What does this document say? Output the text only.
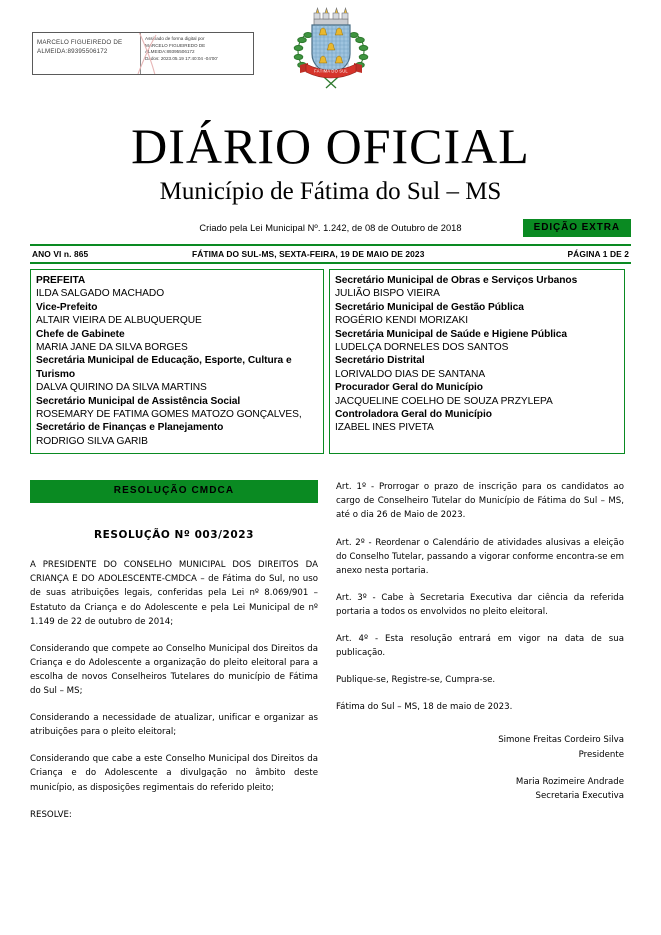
MARCELO FIGUEIREDO DE ALMEIDA:89395506172
Assinado de forma digital por
MARCELO FIGUEIREDO DE
ALMEIDA:89395506172
Dados: 2023.05.19 17:40:04 -04'00'
FÁTIMA DO SUL
DIÁRIO OFICIAL
Município de Fátima do Sul – MS
Criado pela Lei Municipal Nº. 1.242, de 08 de Outubro de 2018	EDIÇÃO EXTRA
ANO VI n. 865	FÁTIMA DO SUL-MS, SEXTA-FEIRA, 19 DE MAIO DE 2023	PÁGINA 1 DE 2
PREFEITA
ILDA SALGADO MACHADO
Vice-Prefeito
ALTAIR VIEIRA DE ALBUQUERQUE
Chefe de Gabinete
MARIA JANE DA SILVA BORGES
Secretária Municipal de Educação, Esporte, Cultura e Turismo
DALVA QUIRINO DA SILVA MARTINS
Secretário Municipal de Assistência Social
ROSEMARY DE FATIMA GOMES MATOZO GONÇALVES,
Secretário de Finanças e Planejamento
RODRIGO SILVA GARIB
Secretário Municipal de Obras e Serviços Urbanos
JULIÃO BISPO VIEIRA
Secretário Municipal de Gestão Pública
ROGÉRIO KENDI MORIZAKI
Secretária Municipal de Saúde e Higiene Pública
LUDELÇA DORNELES DOS SANTOS
Secretário Distrital
LORIVALDO DIAS DE SANTANA
Procurador Geral do Município
JACQUELINE COELHO DE SOUZA PRZYLEPA
Controladora Geral do Município
IZABEL INES PIVETA
RESOLUÇÃO CMDCA
RESOLUÇÃO Nº 003/2023

A PRESIDENTE DO CONSELHO MUNICIPAL DOS DIREITOS DA CRIANÇA E DO ADOLESCENTE-CMDCA – de Fátima do Sul, no uso de suas atribuições legais, conferidas pela Lei nº 8.069/901 – Estatuto da Criança e do Adolescente e pela Lei Municipal de nº 1.149 de 22 de outubro de 2014;

Considerando que compete ao Conselho Municipal dos Direitos da Criança e do Adolescente a organização do pleito eleitoral para a escolha de novos Conselheiros Tutelares do município de Fátima do Sul – MS;

Considerando a necessidade de atualizar, unificar e organizar as atribuições para o pleito eleitoral;

Considerando que cabe a este Conselho Municipal dos Direitos da Criança e do Adolescente a divulgação no âmbito deste município, as disposições regimentais do referido pleito;

RESOLVE:

Art. 1º - Prorrogar o prazo de inscrição para os candidatos ao cargo de Conselheiro Tutelar do Município de Fátima do Sul – MS, até o dia 26 de Maio de 2023.

Art. 2º - Reordenar o Calendário de atividades alusivas a eleição do Conselho Tutelar, passando a vigorar conforme encontra-se em anexo nesta portaria.

Art. 3º - Cabe à Secretaria Executiva dar ciência da referida portaria a todos os envolvidos no pleito eleitoral.

Art. 4º - Esta resolução entrará em vigor na data de sua publicação.

Publique-se, Registre-se, Cumpra-se.

Fátima do Sul – MS, 18 de maio de 2023.

Simone Freitas Cordeiro Silva
Presidente
Maria Rozimeire Andrade
Secretaria Executiva
